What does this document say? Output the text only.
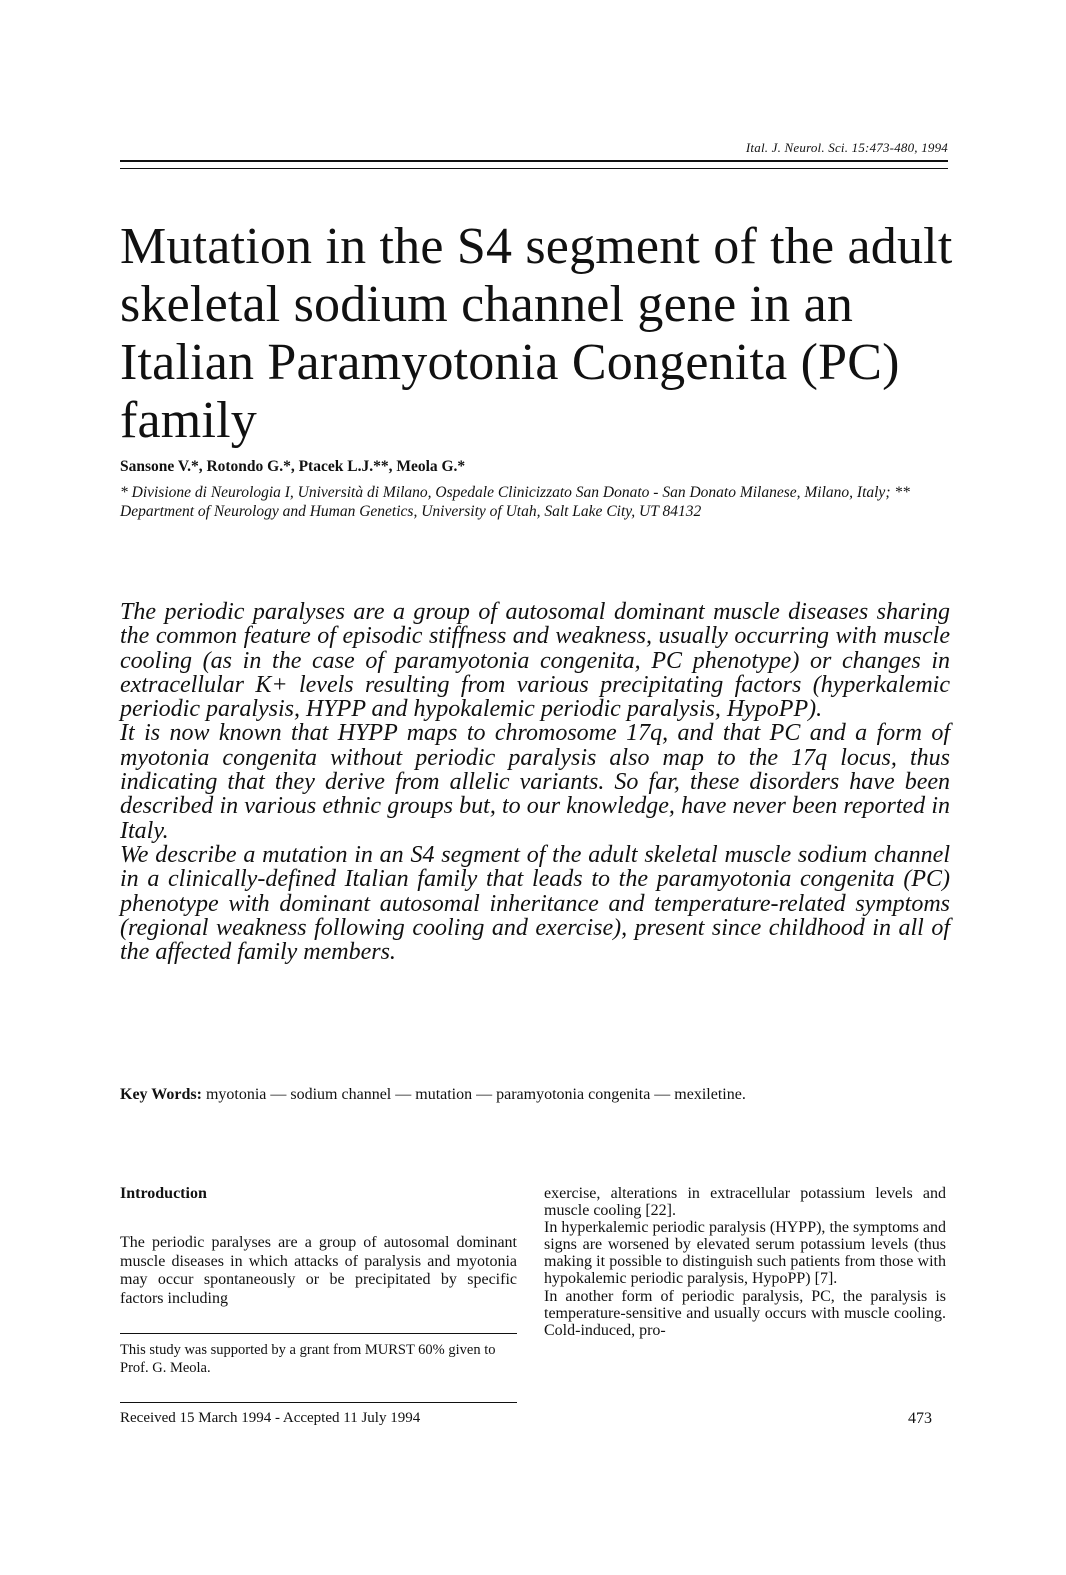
Ital. J. Neurol. Sci. 15:473-480, 1994
Mutation in the S4 segment of the adult skeletal sodium channel gene in an Italian Paramyotonia Congenita (PC) family
Sansone V.*, Rotondo G.*, Ptacek L.J.**, Meola G.*
* Divisione di Neurologia I, Università di Milano, Ospedale Clinicizzato San Donato - San Donato Milanese, Milano, Italy; ** Department of Neurology and Human Genetics, University of Utah, Salt Lake City, UT 84132

The periodic paralyses are a group of autosomal dominant muscle diseases sharing the common feature of episodic stiffness and weakness, usually occurring with muscle cooling (as in the case of paramyotonia congenita, PC phenotype) or changes in extracellular K+ levels resulting from various precipitating factors (hyperkalemic periodic paralysis, HYPP and hypokalemic periodic paralysis, HypoPP).

It is now known that HYPP maps to chromosome 17q, and that PC and a form of myotonia congenita without periodic paralysis also map to the 17q locus, thus indicating that they derive from allelic variants. So far, these disorders have been described in various ethnic groups but, to our knowledge, have never been reported in Italy.

We describe a mutation in an S4 segment of the adult skeletal muscle sodium channel in a clinically-defined Italian family that leads to the paramyotonia congenita (PC) phenotype with dominant autosomal inheritance and temperature-related symptoms (regional weakness following cooling and exercise), present since childhood in all of the affected family members.

Key Words: myotonia — sodium channel — mutation — paramyotonia congenita — mexiletine.
Introduction

The periodic paralyses are a group of autosomal dominant muscle diseases in which attacks of paralysis and myotonia may occur spontaneously or be precipitated by specific factors including

This study was supported by a grant from MURST 60% given to Prof. G. Meola.

Received 15 March 1994 - Accepted 11 July 1994

exercise, alterations in extracellular potassium levels and muscle cooling [22].

In hyperkalemic periodic paralysis (HYPP), the symptoms and signs are worsened by elevated serum potassium levels (thus making it possible to distinguish such patients from those with hypokalemic periodic paralysis, HypoPP) [7].

In another form of periodic paralysis, PC, the paralysis is temperature-sensitive and usually occurs with muscle cooling. Cold-induced, pro-

473
